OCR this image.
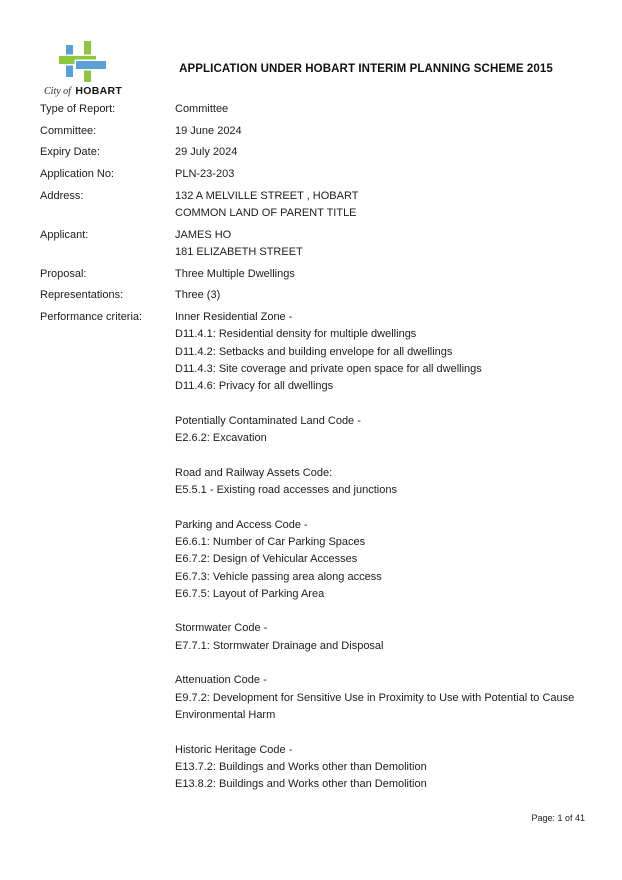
City of HOBART
APPLICATION UNDER HOBART INTERIM PLANNING SCHEME 2015
Type of Report:	Committee
Committee:	19 June 2024
Expiry Date:	29 July 2024
Application No:	PLN-23-203
Address:	132 A MELVILLE STREET , HOBART
COMMON LAND OF PARENT TITLE
Applicant:	JAMES HO
181 ELIZABETH STREET
Proposal:	Three Multiple Dwellings
Representations:	Three (3)
Performance criteria:	Inner Residential Zone -
D11.4.1: Residential density for multiple dwellings
D11.4.2: Setbacks and building envelope for all dwellings
D11.4.3: Site coverage and private open space for all dwellings
D11.4.6: Privacy for all dwellings

Potentially Contaminated Land Code -
E2.6.2: Excavation

Road and Railway Assets Code:
E5.5.1 - Existing road accesses and junctions

Parking and Access Code -
E6.6.1: Number of Car Parking Spaces
E6.7.2: Design of Vehicular Accesses
E6.7.3: Vehicle passing area along access
E6.7.5: Layout of Parking Area

Stormwater Code -
E7.7.1: Stormwater Drainage and Disposal

Attenuation Code -
E9.7.2: Development for Sensitive Use in Proximity to Use with Potential to Cause Environmental Harm

Historic Heritage Code -
E13.7.2: Buildings and Works other than Demolition
E13.8.2: Buildings and Works other than Demolition
Page: 1 of 41
